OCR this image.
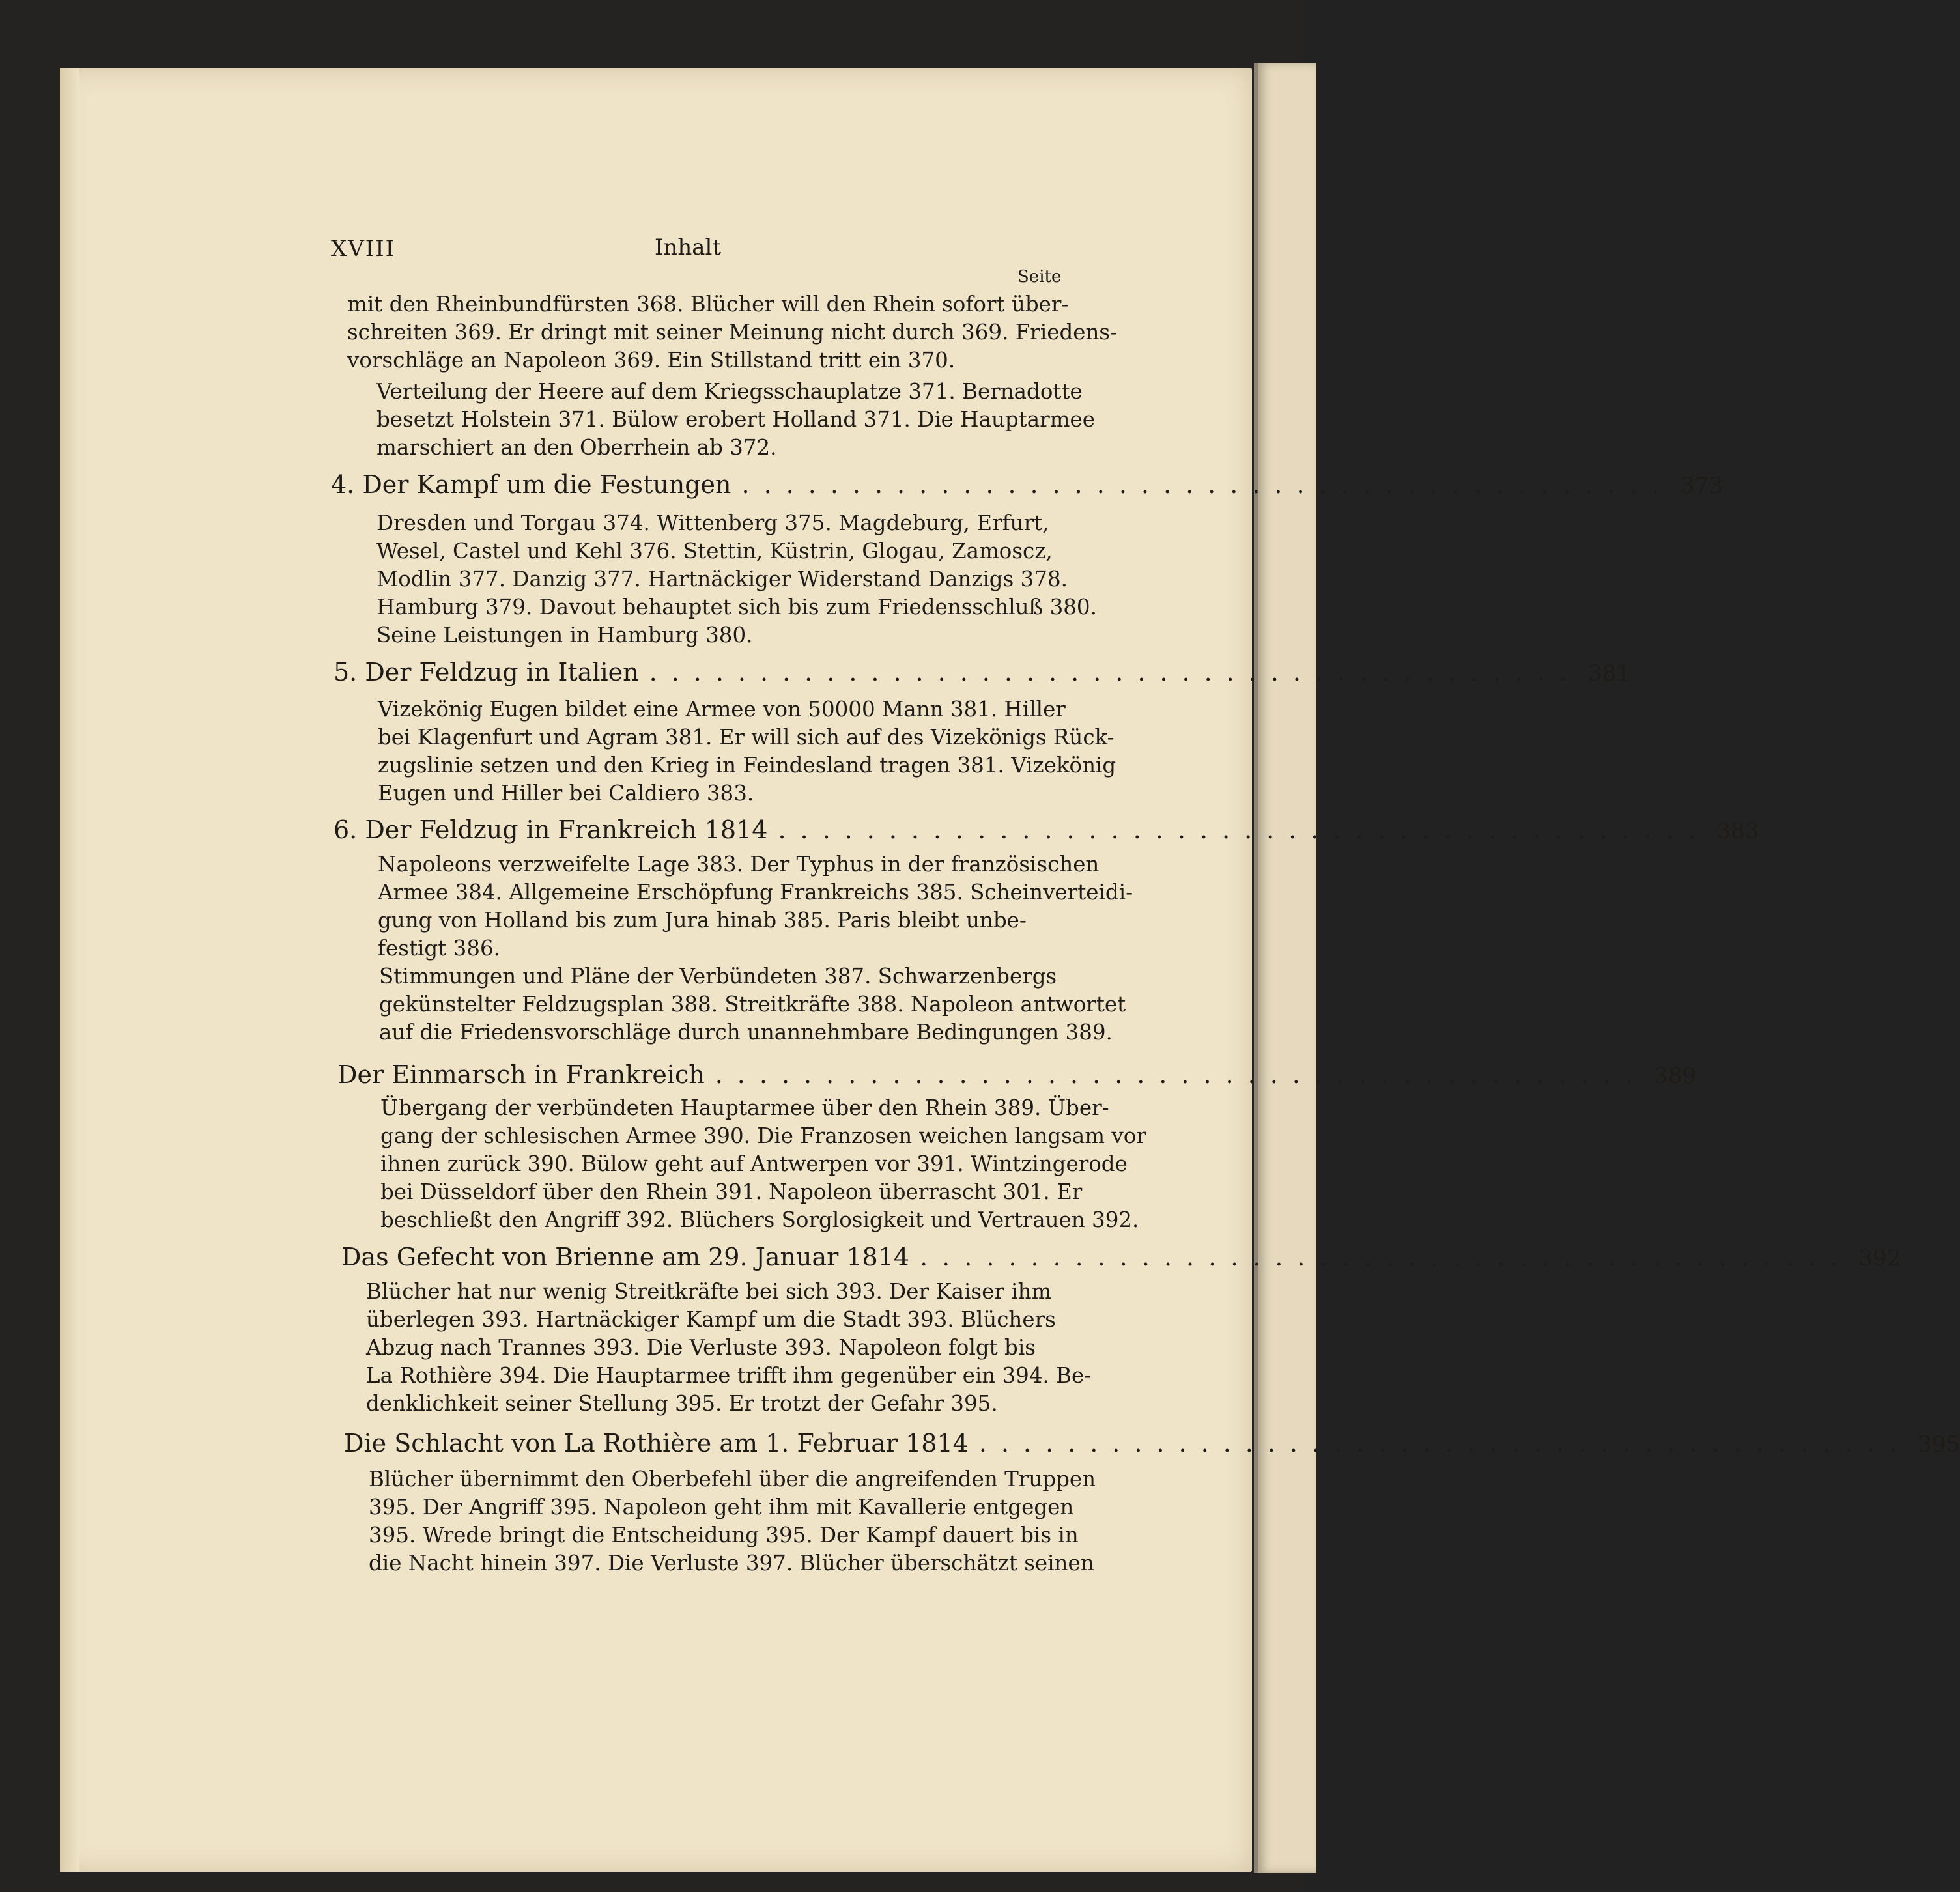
XVIII	Inhalt

Seite

mit den Rheinbundfürsten 368. Blücher will den Rhein sofort über-
schreiten 369. Er dringt mit seiner Meinung nicht durch 369. Friedens-
vorschläge an Napoleon 369. Ein Stillstand tritt ein 370.
Verteilung der Heere auf dem Kriegsschauplatze 371. Bernadotte
besetzt Holstein 371. Bülow erobert Holland 371. Die Hauptarmee
marschiert an den Oberrhein ab 372.
4. Der Kampf um die Festungen .......................................... 373
Dresden und Torgau 374. Wittenberg 375. Magdeburg, Erfurt,
Wesel, Castel und Kehl 376. Stettin, Küstrin, Glogau, Zamoscz,
Modlin 377. Danzig 377. Hartnäckiger Widerstand Danzigs 378.
Hamburg 379. Davout behauptet sich bis zum Friedensschluß 380.
Seine Leistungen in Hamburg 380.
5. Der Feldzug in Italien .......................................... 381
Vizekönig Eugen bildet eine Armee von 50000 Mann 381. Hiller
bei Klagenfurt und Agram 381. Er will sich auf des Vizekönigs Rück-
zugslinie setzen und den Krieg in Feindesland tragen 381. Vizekönig
Eugen und Hiller bei Caldiero 383.
6. Der Feldzug in Frankreich 1814 .......................................... 383
Napoleons verzweifelte Lage 383. Der Typhus in der französischen
Armee 384. Allgemeine Erschöpfung Frankreichs 385. Scheinverteidi-
gung von Holland bis zum Jura hinab 385. Paris bleibt unbe-
festigt 386.
Stimmungen und Pläne der Verbündeten 387. Schwarzenbergs
gekünstelter Feldzugsplan 388. Streitkräfte 388. Napoleon antwortet
auf die Friedensvorschläge durch unannehmbare Bedingungen 389.
Der Einmarsch in Frankreich .......................................... 389
Übergang der verbündeten Hauptarmee über den Rhein 389. Über-
gang der schlesischen Armee 390. Die Franzosen weichen langsam vor
ihnen zurück 390. Bülow geht auf Antwerpen vor 391. Wintzingerode
bei Düsseldorf über den Rhein 391. Napoleon überrascht 301. Er
beschließt den Angriff 392. Blüchers Sorglosigkeit und Vertrauen 392.
Das Gefecht von Brienne am 29. Januar 1814 .......................................... 392
Blücher hat nur wenig Streitkräfte bei sich 393. Der Kaiser ihm
überlegen 393. Hartnäckiger Kampf um die Stadt 393. Blüchers
Abzug nach Trannes 393. Die Verluste 393. Napoleon folgt bis
La Rothière 394. Die Hauptarmee trifft ihm gegenüber ein 394. Be-
denklichkeit seiner Stellung 395. Er trotzt der Gefahr 395.
Die Schlacht von La Rothière am 1. Februar 1814 .......................................... 395
Blücher übernimmt den Oberbefehl über die angreifenden Truppen
395. Der Angriff 395. Napoleon geht ihm mit Kavallerie entgegen
395. Wrede bringt die Entscheidung 395. Der Kampf dauert bis in
die Nacht hinein 397. Die Verluste 397. Blücher überschätzt seinen
